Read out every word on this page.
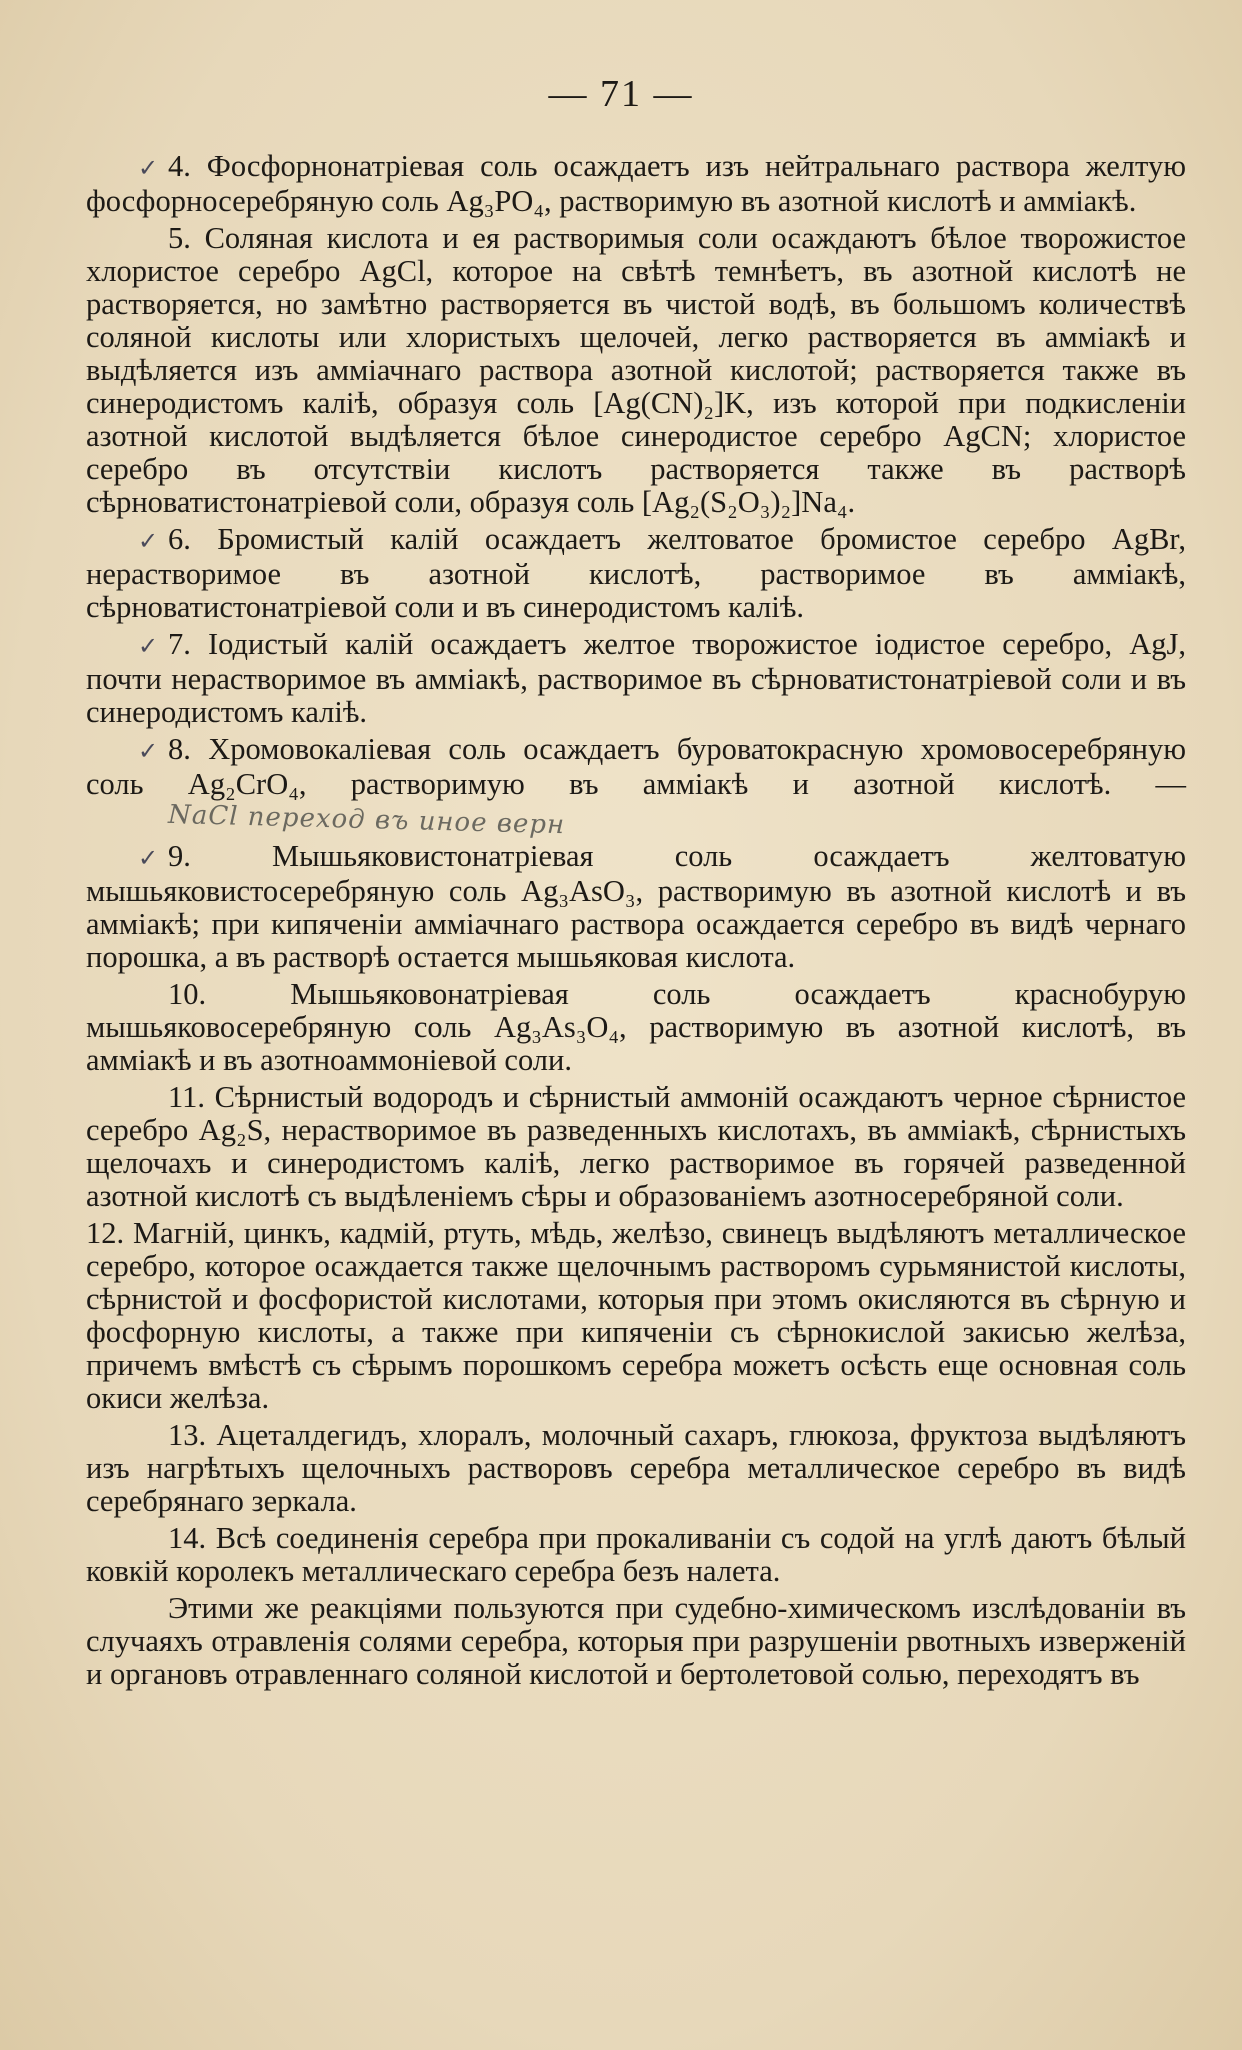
— 71 —

✓ 4. Фосфорнонатріевая соль осаждаетъ изъ нейтральнаго раствора желтую фосфорносеребряную соль Ag₃PO₄, растворимую въ азотной кислотѣ и амміакѣ.

5. Соляная кислота и ея растворимыя соли осаждаютъ бѣлое творожистое хлористое серебро AgCl, которое на свѣтѣ темнѣетъ, въ азотной кислотѣ не растворяется, но замѣтно растворяется въ чистой водѣ, въ большомъ количествѣ соляной кислоты или хлористыхъ щелочей, легко растворяется въ амміакѣ и выдѣляется изъ амміачнаго раствора азотной кислотой; растворяется также въ синеродистомъ каліѣ, образуя соль [Ag(CN)₂]K, изъ которой при подкисленіи азотной кислотой выдѣляется бѣлое синеродистое серебро AgCN; хлористое серебро въ отсутствіи кислотъ растворяется также въ растворѣ сѣрноватистонатріевой соли, образуя соль [Ag₂(S₂O₃)₂]Na₄.

✓ 6. Бромистый калій осаждаетъ желтоватое бромистое серебро AgBr, нерастворимое въ азотной кислотѣ, растворимое въ амміакѣ, сѣрноватистонатріевой соли и въ синеродистомъ каліѣ.

✓ 7. Іодистый калій осаждаетъ желтое творожистое іодистое серебро, AgJ, почти нерастворимое въ амміакѣ, растворимое въ сѣрноватистонатріевой соли и въ синеродистомъ каліѣ.

✓ 8. Хромовокаліевая соль осаждаетъ буроватокрасную хромовосеребряную соль Ag₂CrO₄, растворимую въ амміакѣ и азотной кислотѣ. — NaCl переход въ иное верн

✓ 9. Мышьяковистонатріевая соль осаждаетъ желтоватую мышьяковистосеребряную соль Ag₃AsO₃, растворимую въ азотной кислотѣ и въ амміакѣ; при кипяченіи амміачнаго раствора осаждается серебро въ видѣ чернаго порошка, а въ растворѣ остается мышьяковая кислота.

10. Мышьяковонатріевая соль осаждаетъ краснобурую мышьяковосеребряную соль Ag₃As₃O₄, растворимую въ азотной кислотѣ, въ амміакѣ и въ азотноаммоніевой соли.

11. Сѣрнистый водородъ и сѣрнистый аммоній осаждаютъ черное сѣрнистое серебро Ag₂S, нерастворимое въ разведенныхъ кислотахъ, въ амміакѣ, сѣрнистыхъ щелочахъ и синеродистомъ каліѣ, легко растворимое въ горячей разведенной азотной кислотѣ съ выдѣленіемъ сѣры и образованіемъ азотносеребряной соли.

12. Магній, цинкъ, кадмій, ртуть, мѣдь, желѣзо, свинецъ выдѣляютъ металлическое серебро, которое осаждается также щелочнымъ растворомъ сурьмянистой кислоты, сѣрнистой и фосфористой кислотами, которыя при этомъ окисляются въ сѣрную и фосфорную кислоты, а также при кипяченіи съ сѣрнокислой закисью желѣза, причемъ вмѣстѣ съ сѣрымъ порошкомъ серебра можетъ осѣсть еще основная соль окиси желѣза.

13. Ацеталдегидъ, хлоралъ, молочный сахаръ, глюкоза, фруктоза выдѣляютъ изъ нагрѣтыхъ щелочныхъ растворовъ серебра металлическое серебро въ видѣ серебрянаго зеркала.

14. Всѣ соединенія серебра при прокаливаніи съ содой на углѣ даютъ бѣлый ковкій королекъ металлическаго серебра безъ налета.

Этими же реакціями пользуются при судебно-химическомъ изслѣдованіи въ случаяхъ отравленія солями серебра, которыя при разрушеніи рвотныхъ изверженій и органовъ отравленнаго соляной кислотой и бертолетовой солью, переходятъ въ
